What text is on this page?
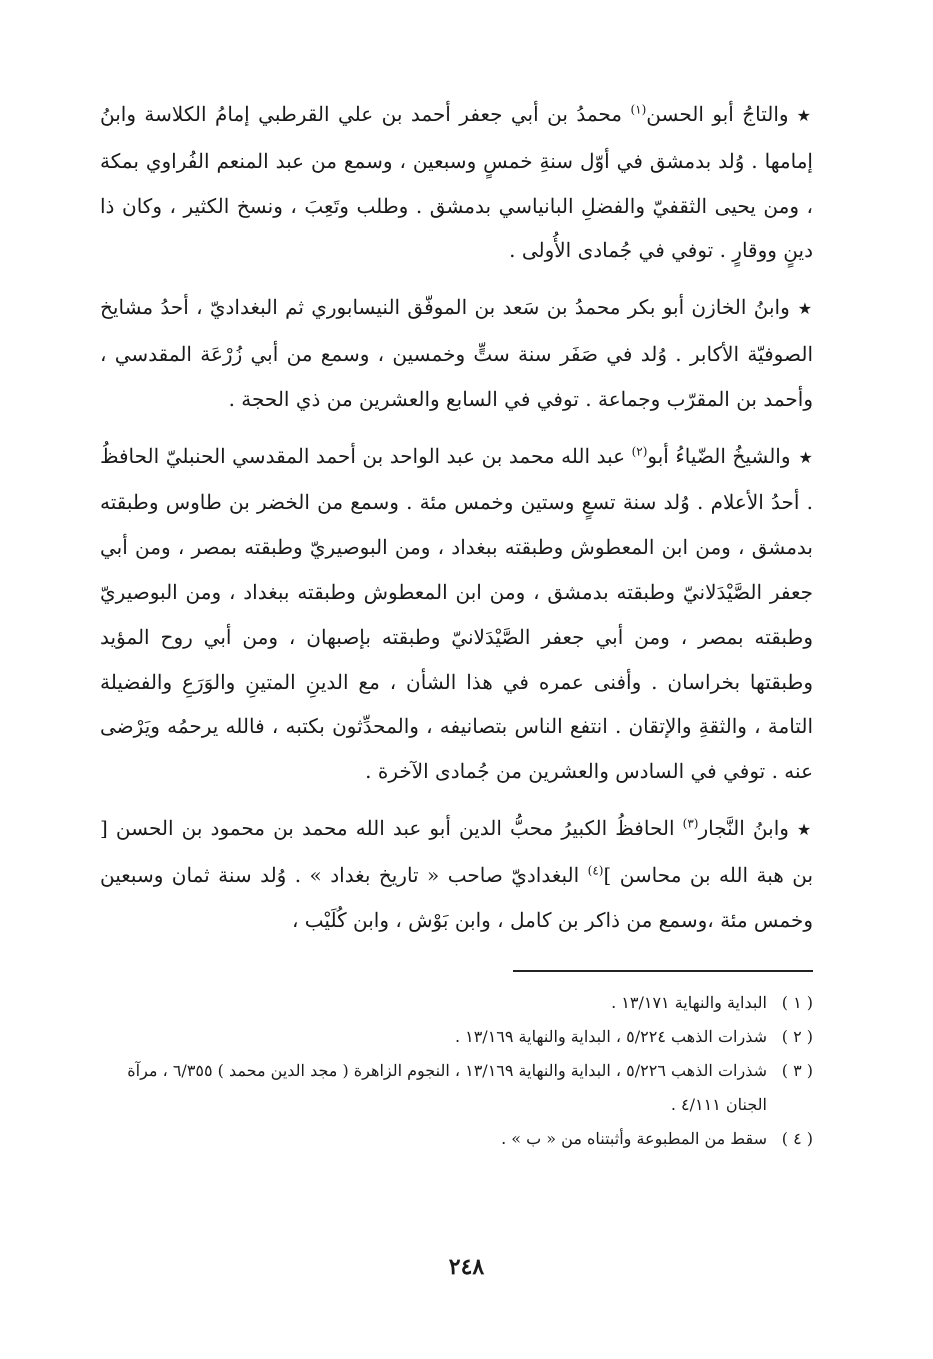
★والتاجُ أبو الحسن$^{(١)}$ محمدُ بن أبي جعفر أحمد بن علي القرطبي إمامُ الكلاسة وابنُ إمامها . وُلد بدمشق في أوّل سنةِ خمسٍ وسبعين ، وسمع من عبد المنعم الفُراوي بمكة ، ومن يحيى الثقفيّ والفضلِ البانياسي بدمشق . وطلب وتَعِبَ ، ونسخ الكثير ، وكان ذا دينٍ ووقارٍ . توفي في جُمادى الأُولى .

★وابنُ الخازن أبو بكر محمدُ بن سَعد بن الموفّق النيسابوري ثم البغداديّ ، أحدُ مشايخ الصوفيّة الأكابر . وُلد في صَفَر سنة ستٍّ وخمسين ، وسمع من أبي زُرْعَة المقدسي ، وأحمد بن المقرّب وجماعة . توفي في السابع والعشرين من ذي الحجة .

★والشيخُ الضّياءُ أبو$^{(٢)}$ عبد الله محمد بن عبد الواحد بن أحمد المقدسي الحنبليّ الحافظُ . أحدُ الأعلام . وُلد سنة تسعٍ وستين وخمس مئة . وسمع من الخضر بن طاوس وطبقته بدمشق ، ومن ابن المعطوش وطبقته ببغداد ، ومن البوصيريّ وطبقته بمصر ، ومن أبي جعفر الصَّيْدَلانيّ وطبقته بدمشق ، ومن ابن المعطوش وطبقته ببغداد ، ومن البوصيريّ وطبقته بمصر ، ومن أبي جعفر الصَّيْدَلانيّ وطبقته بإصبهان ، ومن أبي روح المؤيد وطبقتها بخراسان . وأفنى عمره في هذا الشأن ، مع الدينِ المتينِ والوَرَعِ والفضيلة التامة ، والثقةِ والإتقان . انتفع الناس بتصانيفه ، والمحدِّثون بكتبه ، فالله يرحمُه ويَرْضى عنه . توفي في السادس والعشرين من جُمادى الآخرة .

★وابنُ النَّجار$^{(٣)}$ الحافظُ الكبيرُ محبُّ الدين أبو عبد الله محمد بن محمود بن الحسن [ بن هبة الله بن محاسن ]$^{(٤)}$ البغداديّ صاحب « تاريخ بغداد » . وُلد سنة ثمان وسبعين وخمس مئة ،وسمع من ذاكر بن كامل ، وابن بَوْش ، وابن كُلَيْب ،

( ١ )
البداية والنهاية ١٣/١٧١ .
( ٢ )
شذرات الذهب ٥/٢٢٤ ، البداية والنهاية ١٣/١٦٩ .
( ٣ )
شذرات الذهب ٥/٢٢٦ ، البداية والنهاية ١٣/١٦٩ ، النجوم الزاهرة ( مجد الدين محمد ) ٦/٣٥٥ ، مرآة الجنان ٤/١١١ .
( ٤ )
سقط من المطبوعة وأثبتناه من « ب » .
٢٤٨
